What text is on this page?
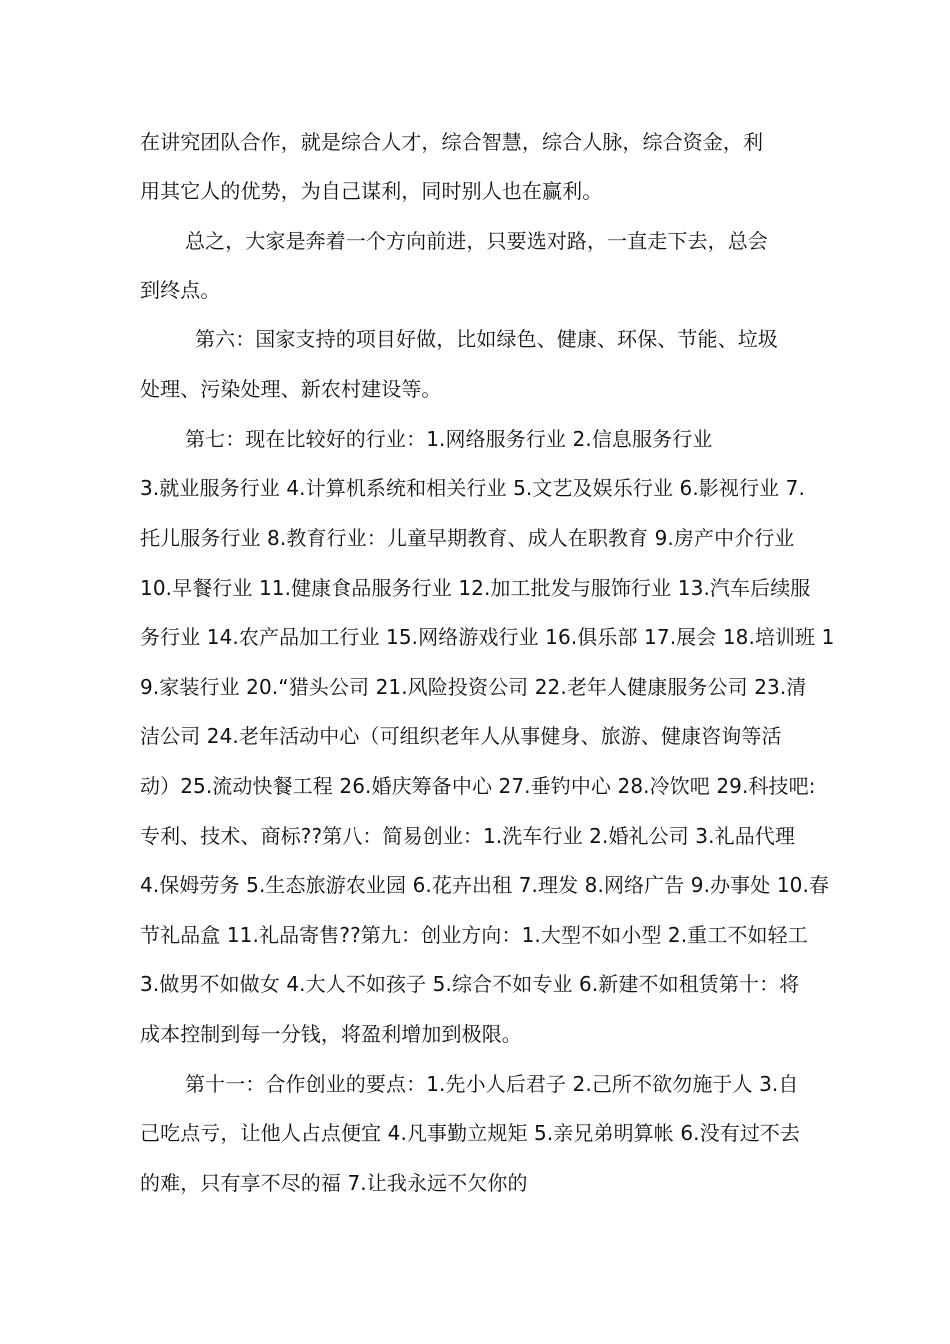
在讲究团队合作，就是综合人才，综合智慧，综合人脉，综合资金，利
用其它人的优势，为自己谋利，同时别人也在赢利。
总之，大家是奔着一个方向前进，只要选对路，一直走下去，总会
到终点。
第六：国家支持的项目好做，比如绿色、健康、环保、节能、垃圾
处理、污染处理、新农村建设等。
第七：现在比较好的行业：1.网络服务行业 2.信息服务行业
3.就业服务行业 4.计算机系统和相关行业 5.文艺及娱乐行业 6.影视行业 7.
托儿服务行业 8.教育行业：儿童早期教育、成人在职教育 9.房产中介行业
10.早餐行业 11.健康食品服务行业 12.加工批发与服饰行业 13.汽车后续服
务行业 14.农产品加工行业 15.网络游戏行业 16.俱乐部 17.展会 18.培训班 1
9.家装行业 20.“猎头公司 21.风险投资公司 22.老年人健康服务公司 23.清
洁公司 24.老年活动中心（可组织老年人从事健身、旅游、健康咨询等活
动）25.流动快餐工程 26.婚庆筹备中心 27.垂钓中心 28.冷饮吧 29.科技吧:
专利、技术、商标??第八：简易创业：1.洗车行业 2.婚礼公司 3.礼品代理
4.保姆劳务 5.生态旅游农业园 6.花卉出租 7.理发 8.网络广告 9.办事处 10.春
节礼品盒 11.礼品寄售??第九：创业方向：1.大型不如小型 2.重工不如轻工
3.做男不如做女 4.大人不如孩子 5.综合不如专业 6.新建不如租赁第十：将
成本控制到每一分钱，将盈利增加到极限。
第十一：合作创业的要点：1.先小人后君子 2.己所不欲勿施于人 3.自
己吃点亏，让他人占点便宜 4.凡事勤立规矩 5.亲兄弟明算帐 6.没有过不去
的难，只有享不尽的福 7.让我永远不欠你的
